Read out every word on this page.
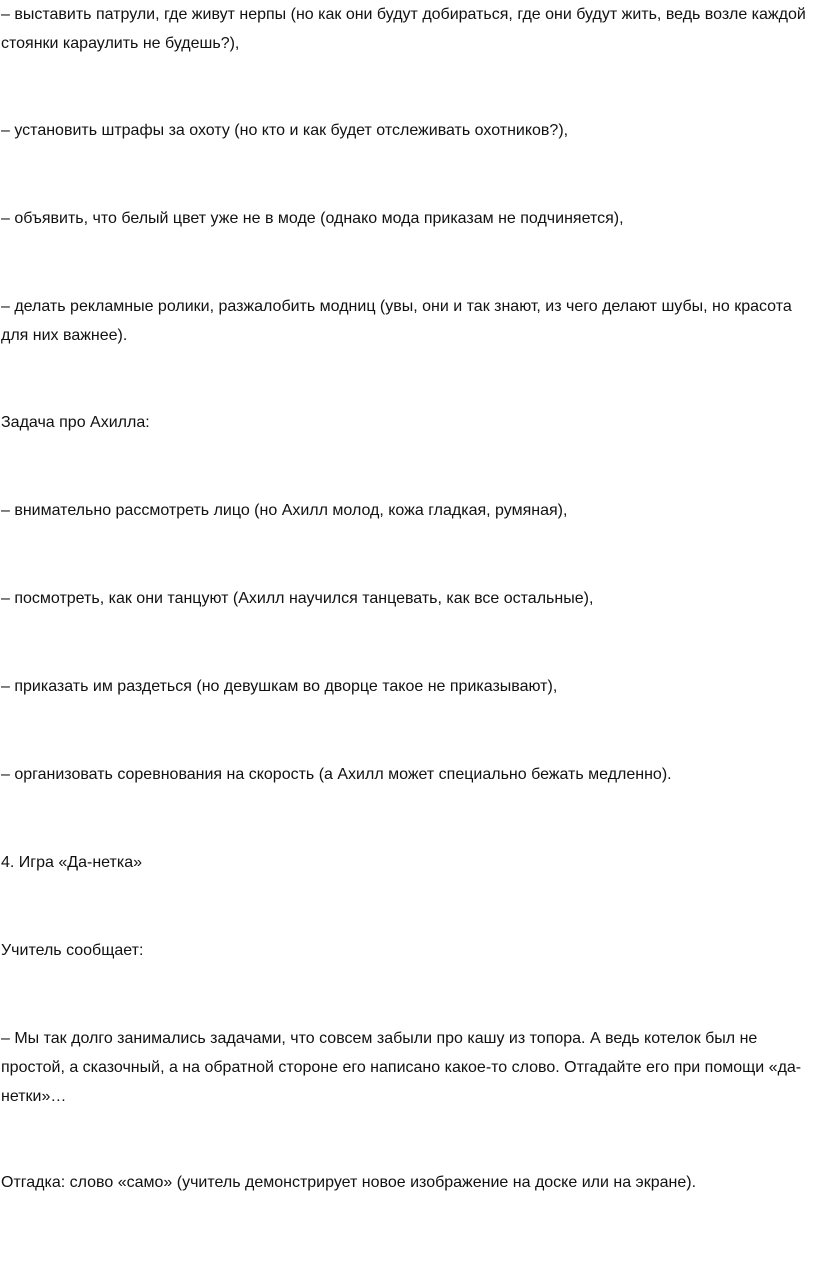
– выставить патрули, где живут нерпы (но как они будут добираться, где они будут жить, ведь возле каждой стоянки караулить не будешь?),

– установить штрафы за охоту (но кто и как будет отслеживать охотников?),

– объявить, что белый цвет уже не в моде (однако мода приказам не подчиняется),

– делать рекламные ролики, разжалобить модниц (увы, они и так знают, из чего делают шубы, но красота для них важнее).

Задача про Ахилла:

– внимательно рассмотреть лицо (но Ахилл молод, кожа гладкая, румяная),

– посмотреть, как они танцуют (Ахилл научился танцевать, как все остальные),

– приказать им раздеться (но девушкам во дворце такое не приказывают),

– организовать соревнования на скорость (а Ахилл может специально бежать медленно).

4. Игра «Да-нетка»

Учитель сообщает:

– Мы так долго занимались задачами, что совсем забыли про кашу из топора. А ведь котелок был не простой, а сказочный, а на обратной стороне его написано какое-то слово. Отгадайте его при помощи «да-нетки»…

Отгадка: слово «само» (учитель демонстрирует новое изображение на доске или на экране).
